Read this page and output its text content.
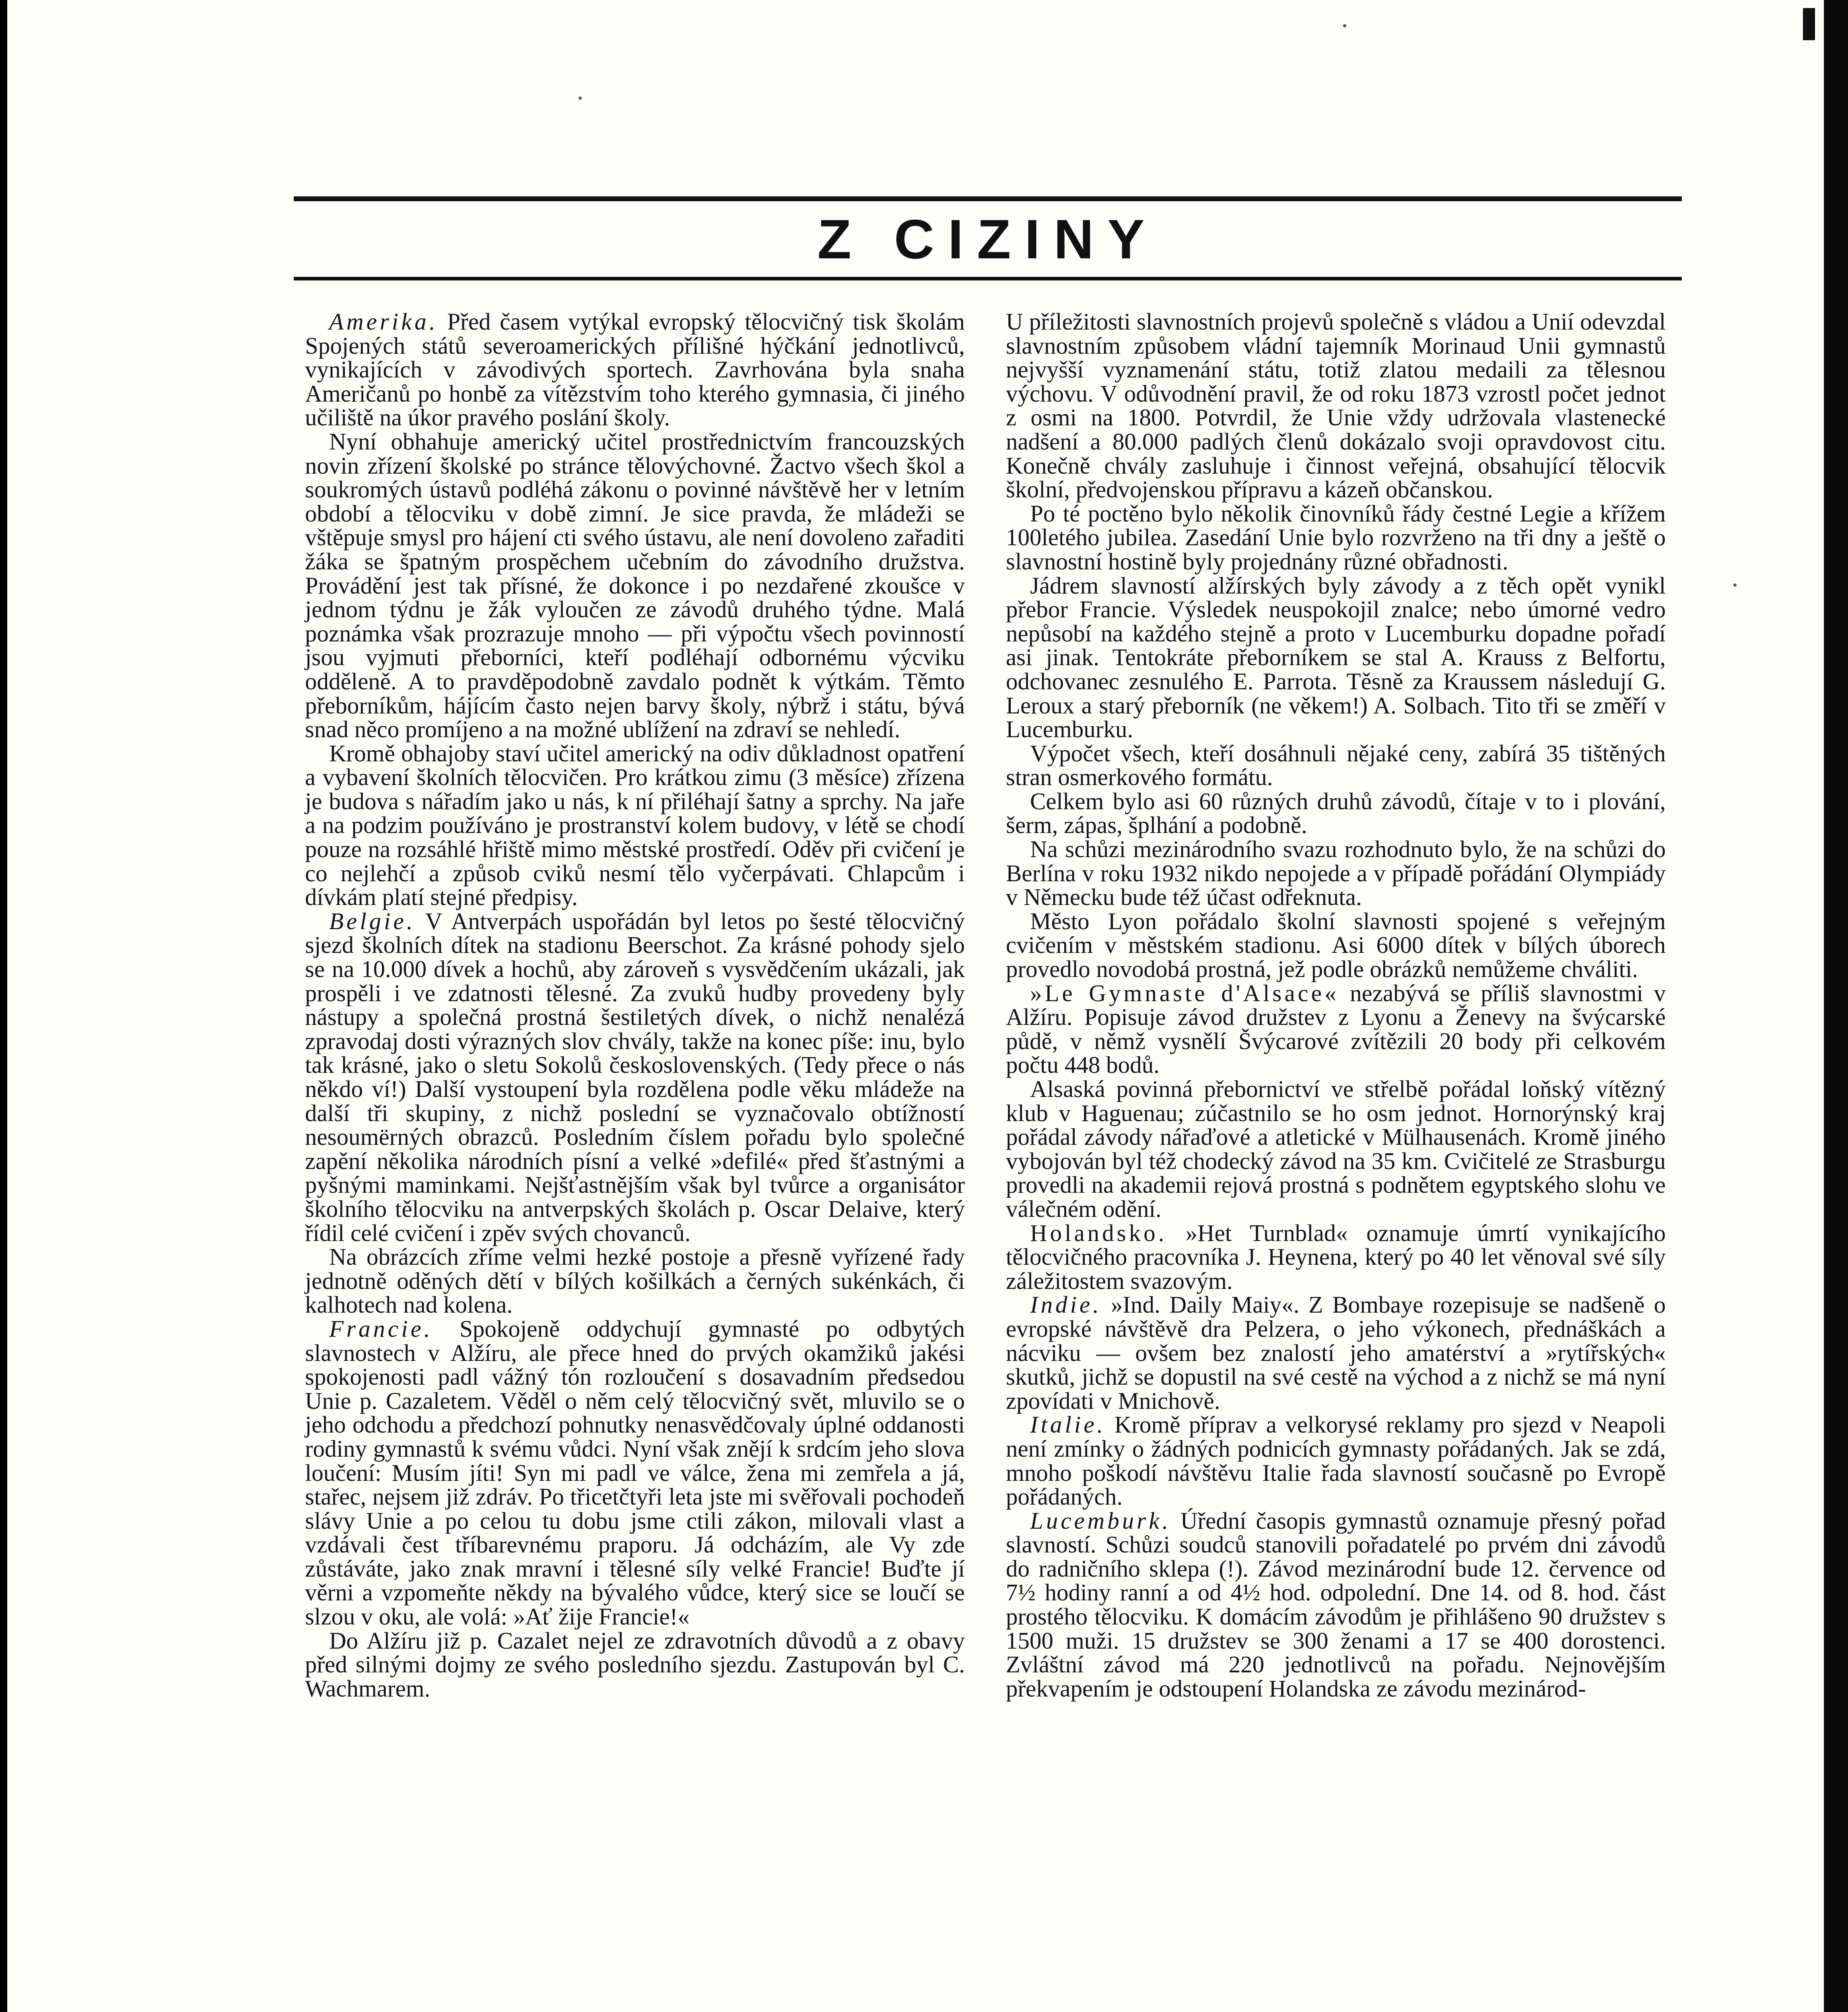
Z CIZINY

Amerika. Před časem vytýkal evropský tělocvičný tisk školám Spojených států severoamerických přílišné hýčkání jednotlivců, vynikajících v závodivých sportech. Zavrhována byla snaha Američanů po honbě za vítězstvím toho kterého gymnasia, či jiného učiliště na úkor pravého poslání školy.

Nyní obhahuje americký učitel prostřednictvím francouzských novin zřízení školské po stránce tělovýchovné. Žactvo všech škol a soukromých ústavů podléhá zákonu o povinné návštěvě her v letním období a tělocviku v době zimní. Je sice pravda, že mládeži se vštěpuje smysl pro hájení cti svého ústavu, ale není dovoleno zařaditi žáka se špatným prospěchem učebním do závodního družstva. Provádění jest tak přísné, že dokonce i po nezdařené zkoušce v jednom týdnu je žák vyloučen ze závodů druhého týdne. Malá poznámka však prozrazuje mnoho — při výpočtu všech povinností jsou vyjmuti přeborníci, kteří podléhají odbornému výcviku odděleně. A to pravděpodobně zavdalo podnět k výtkám. Těmto přeborníkům, hájícím často nejen barvy školy, nýbrž i státu, bývá snad něco promíjeno a na možné ublížení na zdraví se nehledí.

Kromě obhajoby staví učitel americký na odiv důkladnost opatření a vybavení školních tělocvičen. Pro krátkou zimu (3 měsíce) zřízena je budova s nářadím jako u nás, k ní přiléhají šatny a sprchy. Na jaře a na podzim používáno je prostranství kolem budovy, v létě se chodí pouze na rozsáhlé hřiště mimo městské prostředí. Oděv při cvičení je co nejlehčí a způsob cviků nesmí tělo vyčerpávati. Chlapcům i dívkám platí stejné předpisy.

Belgie. V Antverpách uspořádán byl letos po šesté tělocvičný sjezd školních dítek na stadionu Beerschot. Za krásné pohody sjelo se na 10.000 dívek a hochů, aby zároveň s vysvědčením ukázali, jak prospěli i ve zdatnosti tělesné. Za zvuků hudby provedeny byly nástupy a společná prostná šestiletých dívek, o nichž nenalézá zpravodaj dosti výrazných slov chvály, takže na konec píše: inu, bylo tak krásné, jako o sletu Sokolů československých. (Tedy přece o nás někdo ví!) Další vystoupení byla rozdělena podle věku mládeže na další tři skupiny, z nichž poslední se vyznačovalo obtížností nesoumërných obrazců. Posledním číslem pořadu bylo společné zapění několika národních písní a velké »defilé« před šťastnými a pyšnými maminkami. Nejšťastnějším však byl tvůrce a organisátor školního tělocviku na antverpských školách p. Oscar Delaive, který řídil celé cvičení i zpěv svých chovanců.

Na obrázcích zříme velmi hezké postoje a přesně vyřízené řady jednotně oděných dětí v bílých košilkách a černých sukénkách, či kalhotech nad kolena.

Francie. Spokojeně oddychují gymnasté po odbytých slavnostech v Alžíru, ale přece hned do prvých okamžiků jakési spokojenosti padl vážný tón rozloučení s dosavadním předsedou Unie p. Cazaletem. Věděl o něm celý tělocvičný svět, mluvilo se o jeho odchodu a předchozí pohnutky nenasvědčovaly úplné oddanosti rodiny gymnastů k svému vůdci. Nyní však znějí k srdcím jeho slova loučení: Musím jíti! Syn mi padl ve válce, žena mi zemřela a já, stařec, nejsem již zdráv. Po třicetčtyři leta jste mi svěřovali pochodeň slávy Unie a po celou tu dobu jsme ctili zákon, milovali vlast a vzdávali čest tříbarevnému praporu. Já odcházím, ale Vy zde zůstáváte, jako znak mravní i tělesné síly velké Francie! Buďte jí věrni a vzpomeňte někdy na bývalého vůdce, který sice se loučí se slzou v oku, ale volá: »Ať žije Francie!«

Do Alžíru již p. Cazalet nejel ze zdravotních důvodů a z obavy před silnými dojmy ze svého posledního sjezdu. Zastupován byl C. Wachmarem.

U příležitosti slavnostních projevů společně s vládou a Unií odevzdal slavnostním způsobem vládní tajemník Morinaud Unii gymnastů nejvyšší vyznamenání státu, totiž zlatou medaili za tělesnou výchovu. V odůvodnění pravil, že od roku 1873 vzrostl počet jednot z osmi na 1800. Potvrdil, že Unie vždy udržovala vlastenecké nadšení a 80.000 padlých členů dokázalo svoji opravdovost citu. Konečně chvály zasluhuje i činnost veřejná, obsahující tělocvik školní, předvojenskou přípravu a kázeň občanskou.

Po té poctěno bylo několik činovníků řády čestné Legie a křížem 100letého jubilea. Zasedání Unie bylo rozvrženo na tři dny a ještě o slavnostní hostině byly projednány různé obřadnosti.

Jádrem slavností alžírských byly závody a z těch opět vynikl přebor Francie. Výsledek neuspokojil znalce; nebo úmorné vedro nepůsobí na každého stejně a proto v Lucemburku dopadne pořadí asi jinak. Tentokráte přeborníkem se stal A. Krauss z Belfortu, odchovanec zesnulého E. Parrota. Těsně za Kraussem následují G. Leroux a starý přeborník (ne věkem!) A. Solbach. Tito tři se změří v Lucemburku.

Výpočet všech, kteří dosáhnuli nějaké ceny, zabírá 35 tištěných stran osmerkového formátu.

Celkem bylo asi 60 různých druhů závodů, čítaje v to i plování, šerm, zápas, šplhání a podobně.

Na schůzi mezinárodního svazu rozhodnuto bylo, že na schůzi do Berlína v roku 1932 nikdo nepojede a v případě pořádání Olympiády v Německu bude též účast odřeknuta.

Město Lyon pořádalo školní slavnosti spojené s veřejným cvičením v městském stadionu. Asi 6000 dítek v bílých úborech provedlo novodobá prostná, jež podle obrázků nemůžeme chváliti.

»Le Gymnaste d'Alsace« nezabývá se příliš slavnostmi v Alžíru. Popisuje závod družstev z Lyonu a Ženevy na švýcarské půdě, v němž vysnělí Švýcarové zvítězili 20 body při celkovém počtu 448 bodů.

Alsaská povinná přebornictví ve střelbě pořádal loňský vítězný klub v Haguenau; zúčastnilo se ho osm jednot. Hornorýnský kraj pořádal závody nářaďové a atletické v Mülhausenách. Kromě jiného vybojován byl též chodecký závod na 35 km. Cvičitelé ze Strasburgu provedli na akademii rejová prostná s podnětem egyptského slohu ve válečném odění.

Holandsko. »Het Turnblad« oznamuje úmrtí vynikajícího tělocvičného pracovníka J. Heynena, který po 40 let věnoval své síly záležitostem svazovým.

Indie. »Ind. Daily Maiy«. Z Bombaye rozepisuje se nadšeně o evropské návštěvě dra Pelzera, o jeho výkonech, přednáškách a nácviku — ovšem bez znalostí jeho amatérství a »rytířských« skutků, jichž se dopustil na své cestě na východ a z nichž se má nyní zpovídati v Mnichově.

Italie. Kromě příprav a velkorysé reklamy pro sjezd v Neapoli není zmínky o žádných podnicích gymnasty pořádaných. Jak se zdá, mnoho poškodí návštěvu Italie řada slavností současně po Evropě pořádaných.

Lucemburk. Úřední časopis gymnastů oznamuje přesný pořad slavností. Schůzi soudců stanovili pořadatelé po prvém dni závodů do radničního sklepa (!). Závod mezinárodní bude 12. července od 7½ hodiny ranní a od 4½ hod. odpolední. Dne 14. od 8. hod. část prostého tělocviku. K domácím závodům je přihlášeno 90 družstev s 1500 muži. 15 družstev se 300 ženami a 17 se 400 dorostenci. Zvláštní závod má 220 jednotlivců na pořadu. Nejnovějším překvapením je odstoupení Holandska ze závodu mezinárod-
